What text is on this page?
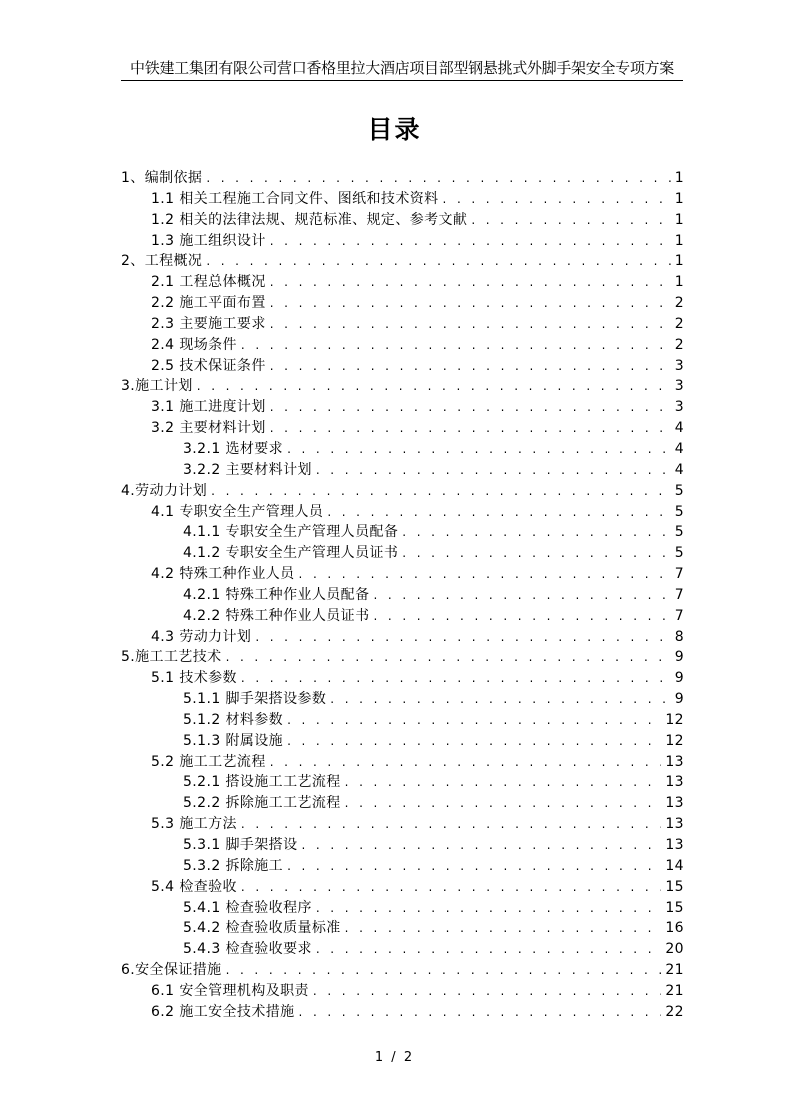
中铁建工集团有限公司营口香格里拉大酒店项目部型钢悬挑式外脚手架安全专项方案
目录
1、编制依据 . . .	1
1.1 相关工程施工合同文件、图纸和技术资料 . . .	1
1.2 相关的法律法规、规范标准、规定、参考文献 . . .	1
1.3 施工组织设计 . . .	1
2、工程概况 . . .	1
2.1 工程总体概况 . . .	1
2.2 施工平面布置 . . .	2
2.3 主要施工要求 . . .	2
2.4 现场条件 . . .	2
2.5 技术保证条件 . . .	3
3.施工计划 . . .	3
3.1 施工进度计划 . . .	3
3.2 主要材料计划 . . .	4
3.2.1 选材要求 . . .	4
3.2.2 主要材料计划 . . .	4
4.劳动力计划 . . .	5
4.1 专职安全生产管理人员 . . .	5
4.1.1 专职安全生产管理人员配备 . . .	5
4.1.2 专职安全生产管理人员证书 . . .	5
4.2 特殊工种作业人员 . . .	7
4.2.1 特殊工种作业人员配备 . . .	7
4.2.2 特殊工种作业人员证书 . . .	7
4.3 劳动力计划 . . .	8
5.施工工艺技术 . . .	9
5.1 技术参数 . . .	9
5.1.1 脚手架搭设参数 . . .	9
5.1.2 材料参数 . . .	12
5.1.3 附属设施 . . .	12
5.2 施工工艺流程 . . .	13
5.2.1 搭设施工工艺流程 . . .	13
5.2.2 拆除施工工艺流程 . . .	13
5.3 施工方法 . . .	13
5.3.1 脚手架搭设 . . .	13
5.3.2 拆除施工 . . .	14
5.4 检查验收 . . .	15
5.4.1 检查验收程序 . . .	15
5.4.2 检查验收质量标准 . . .	16
5.4.3 检查验收要求 . . .	20
6.安全保证措施 . . .	21
6.1 安全管理机构及职责 . . .	21
6.2 施工安全技术措施 . . .	22
1 / 2
